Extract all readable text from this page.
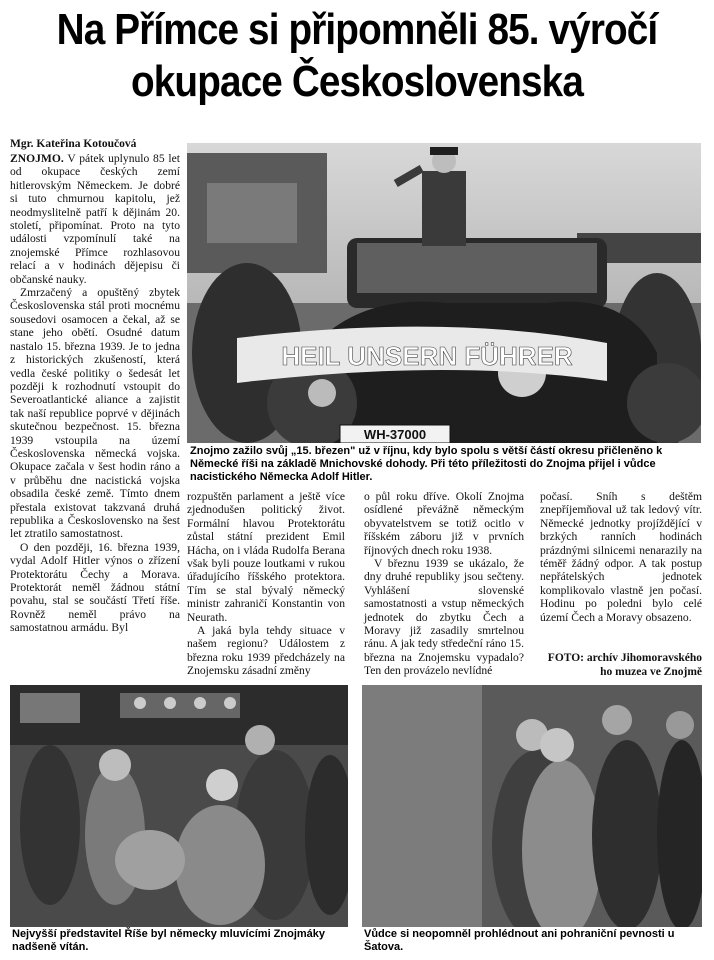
Na Přímce si připomněli 85. výročí
okupace Československa
Mgr. Kateřina Kotoučová

ZNOJMO. V pátek uplynulo 85 let od okupace českých zemí hitlerovským Německem. Je dobré si tuto chmurnou kapitolu, jež neodmyslitelně patří k dějinám 20. století, připomínat. Proto na tyto události vzpomínulí také na znojemské Přímce rozhlasovou relací a v hodinách dějepisu či občanské nauky.

Zmrzačený a opuštěný zbytek Československa stál proti mocnému sousedovi osamocen a čekal, až se stane jeho obětí. Osudné datum nastalo 15. března 1939. Je to jedna z historických zkušeností, která vedla české politiky o šedesát let později k rozhodnutí vstoupit do Severoatlantické aliance a zajistit tak naší republice poprvé v dějinách skutečnou bezpečnost. 15. března 1939 vstoupila na území Československa německá vojska. Okupace začala v šest hodin ráno a v průběhu dne nacistická vojska obsadila české země. Tímto dnem přestala existovat takzvaná druhá republika a Československo na šest let ztratilo samostatnost.

O den později, 16. března 1939, vydal Adolf Hitler výnos o zřízení Protektorátu Čechy a Morava. Protektorát neměl žádnou státní povahu, stal se součástí Třetí říše. Rovněž neměl právo na samostatnou armádu. Byl

WH-37000
HEIL UNSERN FÜHRER
Znojmo zažilo svůj „15. březen" už v říjnu, kdy bylo spolu s větší částí okresu přičleněno k Německé říši na základě Mnichovské dohody. Při této příležitosti do Znojma přijel i vůdce nacistického Německa Adolf Hitler.

rozpuštěn parlament a ještě více zjednodušen politický život. Formální hlavou Protektorátu zůstal státní prezident Emil Hácha, on i vláda Rudolfa Berana však byli pouze loutkami v rukou úřadujícího říšského protektora. Tím se stal bývalý německý ministr zahraničí Konstantin von Neurath.

A jaká byla tehdy situace v našem regionu? Událostem z března roku 1939 předcházely na Znojemsku zásadní změny

o půl roku dříve. Okolí Znojma osídlené převážně německým obyvatelstvem se totiž ocitlo v říšském záboru již v prvních říjnových dnech roku 1938.

V březnu 1939 se ukázalo, že dny druhé republiky jsou sečteny. Vyhlášení slovenské samostatnosti a vstup německých jednotek do zbytku Čech a Moravy již zasadily smrtelnou ránu. A jak tedy středeční ráno 15. března na Znojemsku vypadalo? Ten den provázelo nevlídné

počasí. Sníh s deštěm znepříjemňoval už tak ledový vítr. Německé jednotky projíždějící v brzkých ranních hodinách prázdnými silnicemi nenarazily na téměř žádný odpor. A tak postup nepřátelských jednotek komplikovalo vlastně jen počasí. Hodinu po poledni bylo celé území Čech a Moravy obsazeno.

FOTO: archív Jihomoravského
ho muzea ve Znojmě
Nejvyšší představitel Říše byl německy mluvícími Znojmáky nadšeně vítán.
Vůdce si neopomněl prohlédnout ani pohraniční pevnosti u Šatova.
